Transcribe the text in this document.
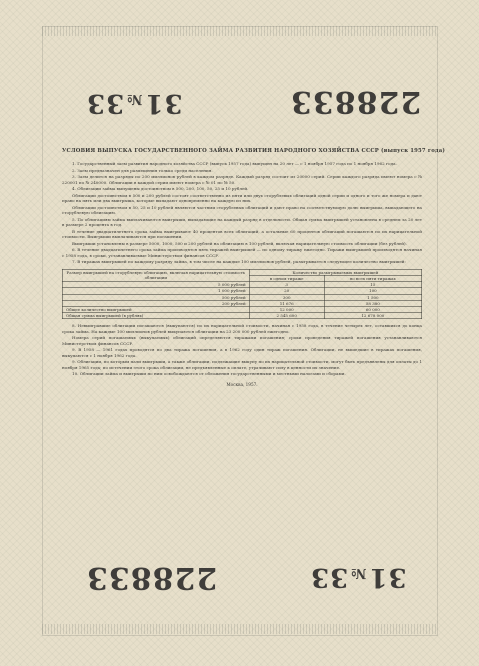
31№33	228833
УСЛОВИЯ ВЫПУСКА ГОСУДАРСТВЕННОГО ЗАЙМА РАЗВИТИЯ НАРОДНОГО ХОЗЯЙСТВА СССР (выпуск 1957 года)

1. Государственный заем развития народного хозяйства СССР (выпуск 1957 года) выпущен на 20 лет — с 1 ноября 1957 года по 1 ноября 1962 года.

2. Заем предназначен для размещения только среди населения.

3. Заем делится на разряды по 200 миллионов рублей в каждом разряде. Каждый разряд состоит из 20000 серий. Серии каждого разряда имеют номера с № 220001 по № 240000. Облигации в каждой серии имеют номера с № 01 по № 50.

4. Облигации займа выпущены достоинством в 500, 200, 100, 50, 25 и 10 рублей.

Облигации достоинством в 500 и 200 рублей состоят соответственно из пяти или двух сторублевых облигаций одной серии и одного и того же номера и дают право на пять или два выигрыша, которые выпадают одновременно на каждую из них.

Облигации достоинством в 50, 25 и 10 рублей являются частями сторублевых облигаций и дают право на соответствующую долю выигрыша, выпадающего на сторублевую облигацию.

5. По облигациям займа выплачиваются выигрыши, выпадающие на каждый разряд в отдельности. Общая сумма выигрышей установлена в среднем за 20 лет в размере 2 процента в год.

В течение двадцатилетнего срока займа выигрывают 40 процентов всех облигаций, а остальные 60 процентов облигаций погашаются по их нарицательной стоимости. Выигрыши выплачиваются при погашении.

Выигрыши установлены в размере 5000, 1000, 500 и 200 рублей на облигацию в 100 рублей, включая нарицательную стоимость облигации (без рублей).

6. В течение двадцатилетнего срока займа производятся пять тиражей выигрышей — по одному тиражу ежегодно. Тиражи выигрышей производятся начиная с 1958 года, в сроки, устанавливаемые Министерством финансов СССР.

7. В тиражах выигрышей по каждому разряду займа, в том числе на каждые 100 миллионов рублей, разыгрывается следующее количество выигрышей:

Размер выигрышей на сторублевую облигацию, включая нарицательную стоимость облигации	Количество разыгрываемых выигрышей	
	в одном тираже	во всех пяти тиражах
5 000 рублей	3	15
1 000 рублей	20	100
500 рублей	300	1 500
200 рублей	11 676	58 380
Общее количество выигрышей	12 000	60 000
Общая сумма выигрышей (в рублях)	2 545 600	12 678 000

8. Невыигравшие облигации погашаются (выкупаются) по их нарицательной стоимости, начиная с 1958 года, в течение четырех лет, оставшихся до конца срока займа. На каждые 100 миллионов рублей выкупаются облигации на 23 200 000 рублей ежегодно.

Номера серий погашаемых (выкупаемых) облигаций определяются тиражами погашения; сроки проведения тиражей погашения устанавливаются Министерством финансов СССР.

9. В 1958 — 1961 годах проводятся по два тиража погашения, а в 1962 году один тираж погашения. Облигации, не вышедшие в тиражах погашения, выкупаются с 1 ноября 1962 года.

9. Облигации, по которым пали выигрыши, а также облигации, подлежащие выкупу по их нарицательной стоимости, могут быть предъявлены для оплаты до 1 ноября 1965 года; по истечении этого срока облигации, не предъявленные к оплате, утрачивают силу в ценности их значение.

10. Облигации займа и выигрыши по ним освобождаются от обложения государственными и местными налогами и сборами.

Москва, 1957.
228833	31№33
